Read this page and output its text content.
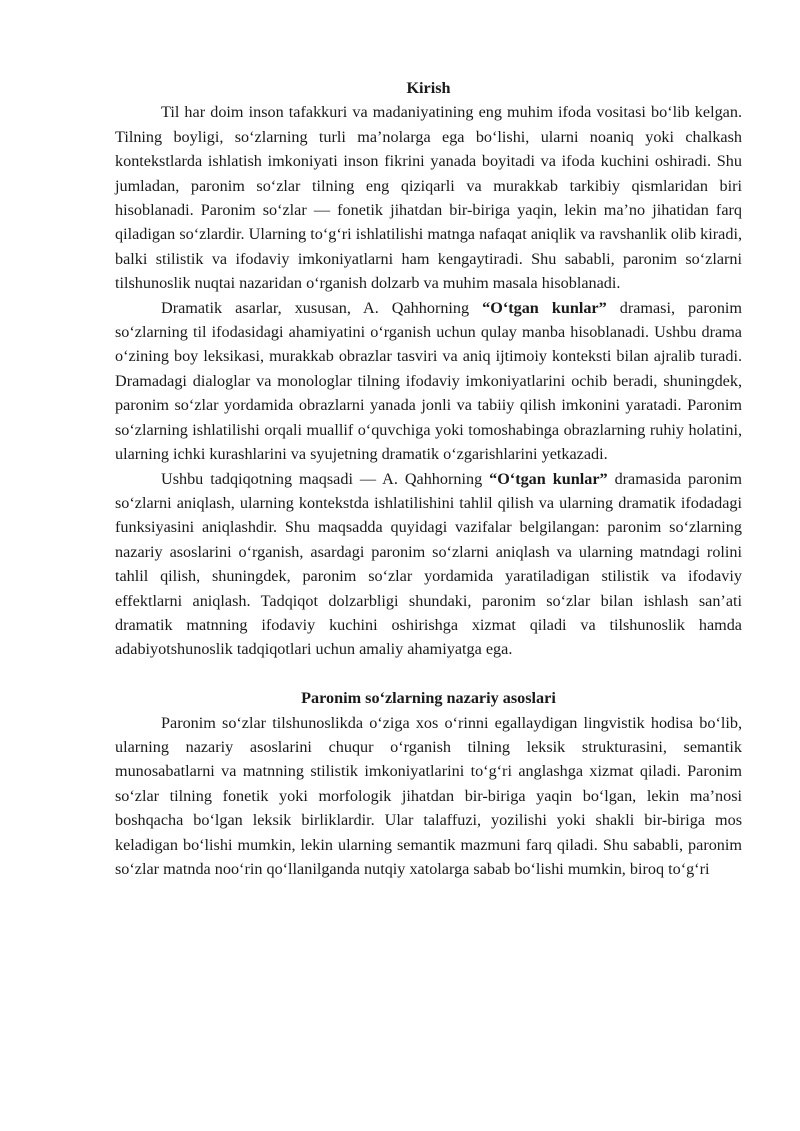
Kirish

Til har doim inson tafakkuri va madaniyatining eng muhim ifoda vositasi bo‘lib kelgan. Tilning boyligi, so‘zlarning turli ma’nolarga ega bo‘lishi, ularni noaniq yoki chalkash kontekstlarda ishlatish imkoniyati inson fikrini yanada boyitadi va ifoda kuchini oshiradi. Shu jumladan, paronim so‘zlar tilning eng qiziqarli va murakkab tarkibiy qismlaridan biri hisoblanadi. Paronim so‘zlar — fonetik jihatdan bir-biriga yaqin, lekin ma’no jihatidan farq qiladigan so‘zlardir. Ularning to‘g‘ri ishlatilishi matnga nafaqat aniqlik va ravshanlik olib kiradi, balki stilistik va ifodaviy imkoniyatlarni ham kengaytiradi. Shu sababli, paronim so‘zlarni tilshunoslik nuqtai nazaridan o‘rganish dolzarb va muhim masala hisoblanadi.

Dramatik asarlar, xususan, A. Qahhorning “O‘tgan kunlar” dramasi, paronim so‘zlarning til ifodasidagi ahamiyatini o‘rganish uchun qulay manba hisoblanadi. Ushbu drama o‘zining boy leksikasi, murakkab obrazlar tasviri va aniq ijtimoiy konteksti bilan ajralib turadi. Dramadagi dialoglar va monologlar tilning ifodaviy imkoniyatlarini ochib beradi, shuningdek, paronim so‘zlar yordamida obrazlarni yanada jonli va tabiiy qilish imkonini yaratadi. Paronim so‘zlarning ishlatilishi orqali muallif o‘quvchiga yoki tomoshabinga obrazlarning ruhiy holatini, ularning ichki kurashlarini va syujetning dramatik o‘zgarishlarini yetkazadi.

Ushbu tadqiqotning maqsadi — A. Qahhorning “O‘tgan kunlar” dramasida paronim so‘zlarni aniqlash, ularning kontekstda ishlatilishini tahlil qilish va ularning dramatik ifodadagi funksiyasini aniqlashdir. Shu maqsadda quyidagi vazifalar belgilangan: paronim so‘zlarning nazariy asoslarini o‘rganish, asardagi paronim so‘zlarni aniqlash va ularning matndagi rolini tahlil qilish, shuningdek, paronim so‘zlar yordamida yaratiladigan stilistik va ifodaviy effektlarni aniqlash. Tadqiqot dolzarbligi shundaki, paronim so‘zlar bilan ishlash san’ati dramatik matnning ifodaviy kuchini oshirishga xizmat qiladi va tilshunoslik hamda adabiyotshunoslik tadqiqotlari uchun amaliy ahamiyatga ega.

Paronim so‘zlarning nazariy asoslari

Paronim so‘zlar tilshunoslikda o‘ziga xos o‘rinni egallaydigan lingvistik hodisa bo‘lib, ularning nazariy asoslarini chuqur o‘rganish tilning leksik strukturasini, semantik munosabatlarni va matnning stilistik imkoniyatlarini to‘g‘ri anglashga xizmat qiladi. Paronim so‘zlar tilning fonetik yoki morfologik jihatdan bir-biriga yaqin bo‘lgan, lekin ma’nosi boshqacha bo‘lgan leksik birliklardir. Ular talaffuzi, yozilishi yoki shakli bir-biriga mos keladigan bo‘lishi mumkin, lekin ularning semantik mazmuni farq qiladi. Shu sababli, paronim so‘zlar matnda noo‘rin qo‘llanilganda nutqiy xatolarga sabab bo‘lishi mumkin, biroq to‘g‘ri
